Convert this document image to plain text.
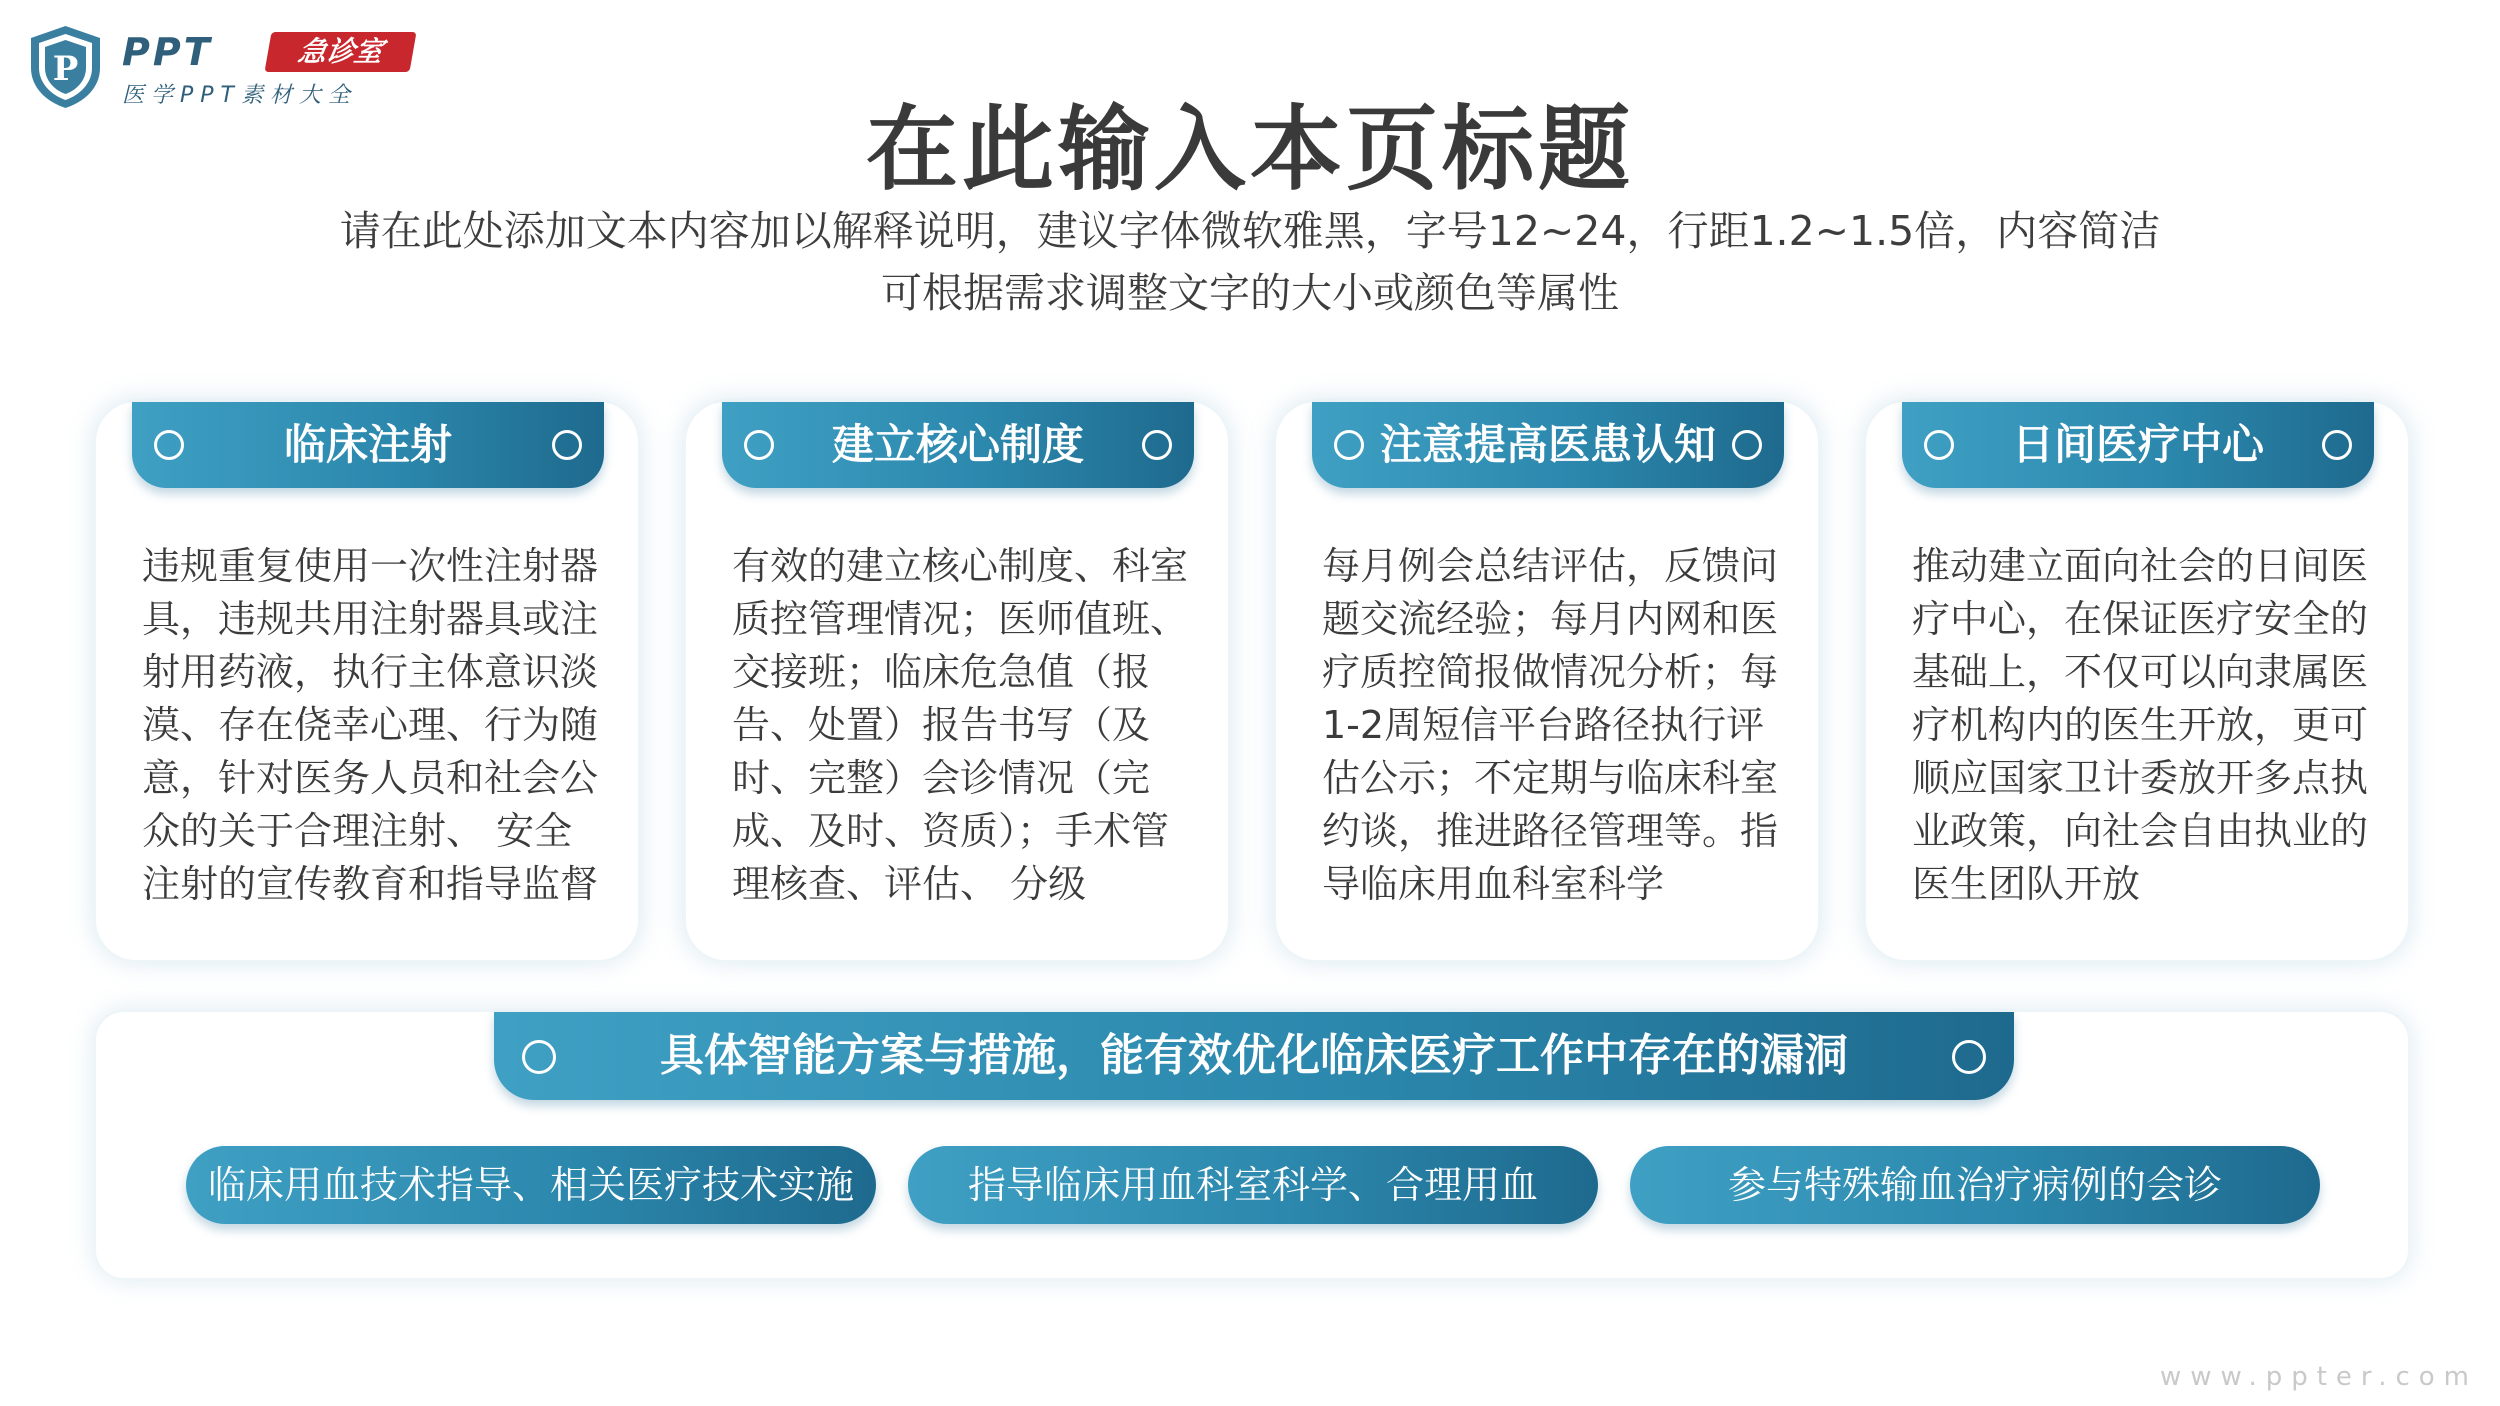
P PPT	急诊室
医学PPT素材大全
在此输入本页标题
请在此处添加文本内容加以解释说明，建议字体微软雅黑，字号12~24，行距1.2~1.5倍，内容简洁
可根据需求调整文字的大小或颜色等属性
临床注射
违规重复使用一次性注射器具，违规共用注射器具或注射用药液，执行主体意识淡漠、存在侥幸心理、行为随意，针对医务人员和社会公众的关于合理注射、 安全注射的宣传教育和指导监督
建立核心制度
有效的建立核心制度、科室质控管理情况；医师值班、交接班；临床危急值（报告、处置）报告书写（及时、完整）会诊情况（完成、及时、资质）；手术管理核查、评估、 分级
注意提高医患认知
每月例会总结评估，反馈问题交流经验；每月内网和医疗质控简报做情况分析；每1-2周短信平台路径执行评估公示；不定期与临床科室约谈，推进路径管理等。指导临床用血科室科学
日间医疗中心
推动建立面向社会的日间医疗中心，在保证医疗安全的基础上，不仅可以向隶属医疗机构内的医生开放，更可顺应国家卫计委放开多点执业政策，向社会自由执业的医生团队开放
具体智能方案与措施，能有效优化临床医疗工作中存在的漏洞
临床用血技术指导、相关医疗技术实施	指导临床用血科室科学、合理用血	参与特殊输血治疗病例的会诊
www.ppter.com
